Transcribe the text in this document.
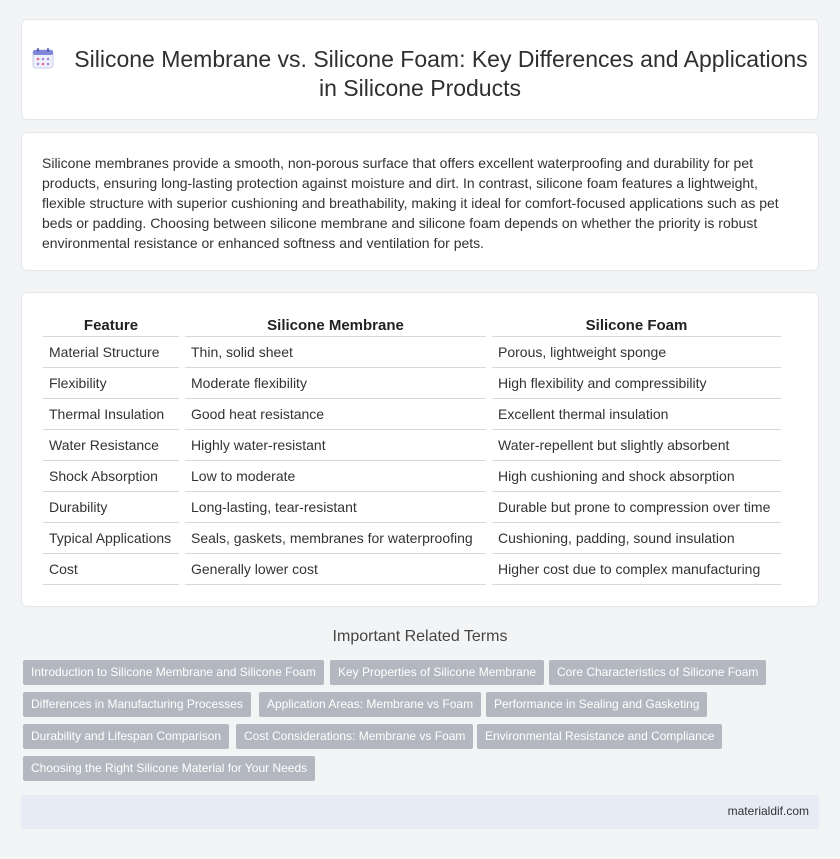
Silicone Membrane vs. Silicone Foam: Key Differences and Applications in Silicone Products

Silicone membranes provide a smooth, non-porous surface that offers excellent waterproofing and durability for pet products, ensuring long-lasting protection against moisture and dirt. In contrast, silicone foam features a lightweight, flexible structure with superior cushioning and breathability, making it ideal for comfort-focused applications such as pet beds or padding. Choosing between silicone membrane and silicone foam depends on whether the priority is robust environmental resistance or enhanced softness and ventilation for pets.

Feature	Silicone Membrane	Silicone Foam
Material Structure	Thin, solid sheet	Porous, lightweight sponge
Flexibility	Moderate flexibility	High flexibility and compressibility
Thermal Insulation	Good heat resistance	Excellent thermal insulation
Water Resistance	Highly water-resistant	Water-repellent but slightly absorbent
Shock Absorption	Low to moderate	High cushioning and shock absorption
Durability	Long-lasting, tear-resistant	Durable but prone to compression over time
Typical Applications	Seals, gaskets, membranes for waterproofing	Cushioning, padding, sound insulation
Cost	Generally lower cost	Higher cost due to complex manufacturing
Important Related Terms
Introduction to Silicone Membrane and Silicone Foam	Key Properties of Silicone Membrane	Core Characteristics of Silicone Foam
Differences in Manufacturing Processes	Application Areas: Membrane vs Foam	Performance in Sealing and Gasketing
Durability and Lifespan Comparison	Cost Considerations: Membrane vs Foam	Environmental Resistance and Compliance
Choosing the Right Silicone Material for Your Needs
materialdif.com
